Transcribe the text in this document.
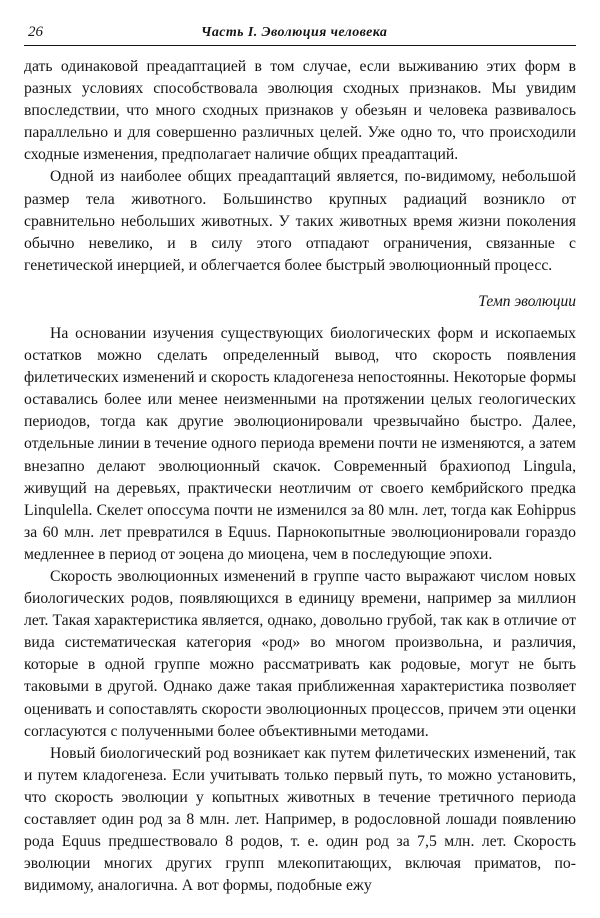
26	Часть I. Эволюция человека

дать одинаковой преадаптацией в том случае, если выживанию этих форм в разных условиях способствовала эволюция сходных признаков. Мы увидим впоследствии, что много сходных признаков у обезьян и человека развивалось параллельно и для совершенно различных целей. Уже одно то, что происходили сходные изменения, предполагает наличие общих преадаптаций.

Одной из наиболее общих преадаптаций является, по-видимому, небольшой размер тела животного. Большинство крупных радиаций возникло от сравнительно небольших животных. У таких животных время жизни поколения обычно невелико, и в силу этого отпадают ограничения, связанные с генетической инерцией, и облегчается более быстрый эволюционный процесс.

Темп эволюции

На основании изучения существующих биологических форм и ископаемых остатков можно сделать определенный вывод, что скорость появления филетических изменений и скорость кладогенеза непостоянны. Некоторые формы оставались более или менее неизменными на протяжении целых геологических периодов, тогда как другие эволюционировали чрезвычайно быстро. Далее, отдельные линии в течение одного периода времени почти не изменяются, а затем внезапно делают эволюционный скачок. Современный брахиопод Lingula, живущий на деревьях, практически неотличим от своего кембрийского предка Linqulella. Скелет опоссума почти не изменился за 80 млн. лет, тогда как Eohippus за 60 млн. лет превратился в Equus. Парнокопытные эволюционировали гораздо медленнее в период от эоцена до миоцена, чем в последующие эпохи.

Скорость эволюционных изменений в группе часто выражают числом новых биологических родов, появляющихся в единицу времени, например за миллион лет. Такая характеристика является, однако, довольно грубой, так как в отличие от вида систематическая категория «род» во многом произвольна, и различия, которые в одной группе можно рассматривать как родовые, могут не быть таковыми в другой. Однако даже такая приближенная характеристика позволяет оценивать и сопоставлять скорости эволюционных процессов, причем эти оценки согласуются с полученными более объективными методами.

Новый биологический род возникает как путем филетических изменений, так и путем кладогенеза. Если учитывать только первый путь, то можно установить, что скорость эволюции у копытных животных в течение третичного периода составляет один род за 8 млн. лет. Например, в родословной лошади появлению рода Equus предшествовало 8 родов, т. е. один род за 7,5 млн. лет. Скорость эволюции многих других групп млекопитающих, включая приматов, по-видимому, аналогична. А вот формы, подобные ежу
